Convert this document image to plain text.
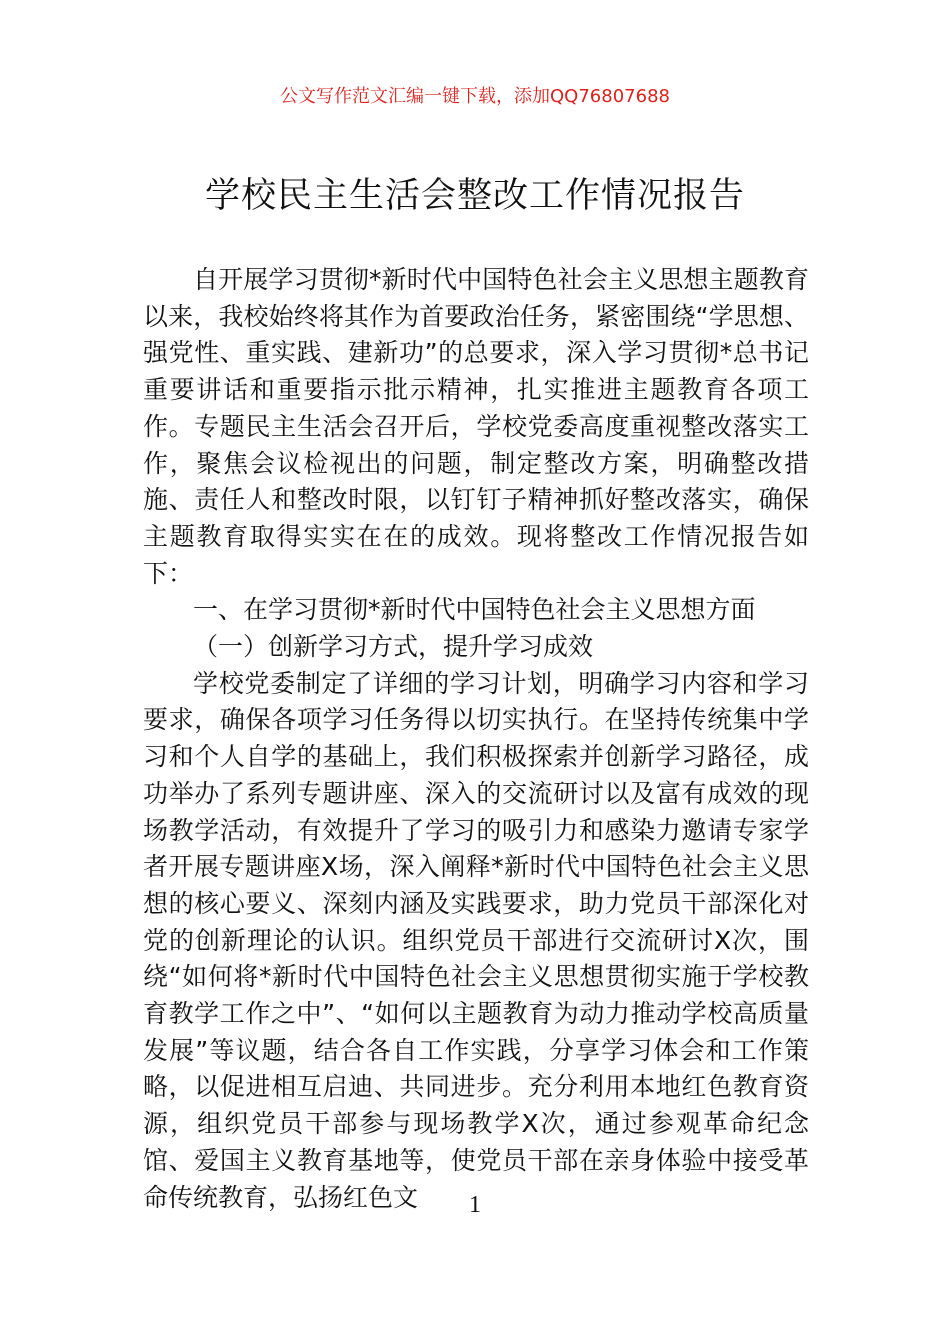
公文写作范文汇编一键下载，添加QQ76807688
学校民主生活会整改工作情况报告

自开展学习贯彻*新时代中国特色社会主义思想主题教育以来，我校始终将其作为首要政治任务，紧密围绕“学思想、强党性、重实践、建新功”的总要求，深入学习贯彻*总书记重要讲话和重要指示批示精神，扎实推进主题教育各项工作。专题民主生活会召开后，学校党委高度重视整改落实工作，聚焦会议检视出的问题，制定整改方案，明确整改措施、责任人和整改时限，以钉钉子精神抓好整改落实，确保主题教育取得实实在在的成效。现将整改工作情况报告如下：

一、在学习贯彻*新时代中国特色社会主义思想方面

（一）创新学习方式，提升学习成效

学校党委制定了详细的学习计划，明确学习内容和学习要求，确保各项学习任务得以切实执行。在坚持传统集中学习和个人自学的基础上，我们积极探索并创新学习路径，成功举办了系列专题讲座、深入的交流研讨以及富有成效的现场教学活动，有效提升了学习的吸引力和感染力邀请专家学者开展专题讲座X场，深入阐释*新时代中国特色社会主义思想的核心要义、深刻内涵及实践要求，助力党员干部深化对党的创新理论的认识。组织党员干部进行交流研讨X次，围绕“如何将*新时代中国特色社会主义思想贯彻实施于学校教育教学工作之中”、“如何以主题教育为动力推动学校高质量发展”等议题，结合各自工作实践，分享学习体会和工作策略，以促进相互启迪、共同进步。充分利用本地红色教育资源，组织党员干部参与现场教学X次，通过参观革命纪念馆、爱国主义教育基地等，使党员干部在亲身体验中接受革命传统教育，弘扬红色文	1
